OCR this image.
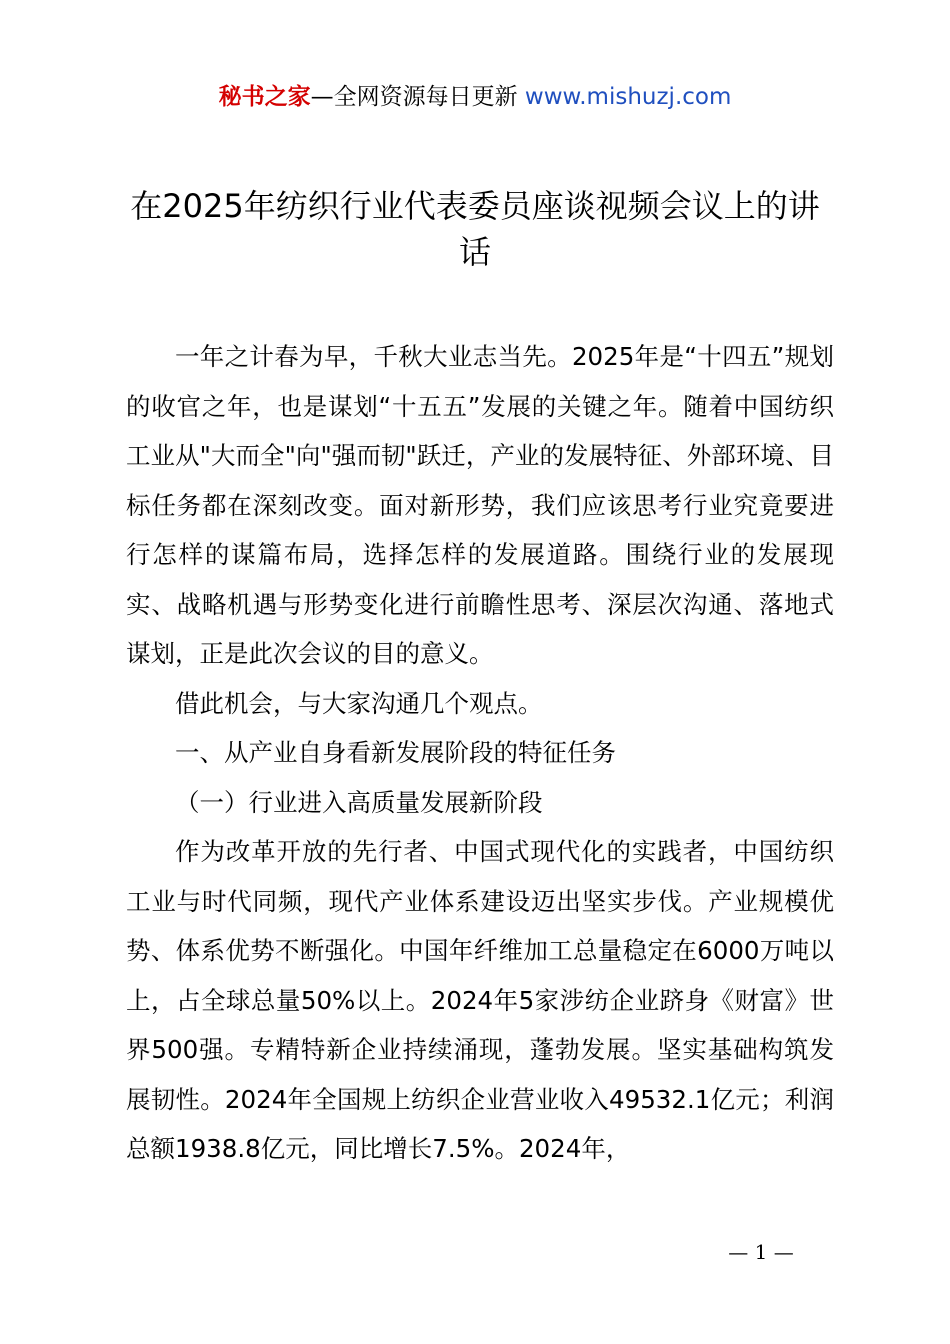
秘书之家—全网资源每日更新 www.mishuzj.com
在2025年纺织行业代表委员座谈视频会议上的讲话

一年之计春为早，千秋大业志当先。2025年是“十四五”规划的收官之年，也是谋划“十五五”发展的关键之年。随着中国纺织工业从"大而全"向"强而韧"跃迁，产业的发展特征、外部环境、目标任务都在深刻改变。面对新形势，我们应该思考行业究竟要进行怎样的谋篇布局，选择怎样的发展道路。围绕行业的发展现实、战略机遇与形势变化进行前瞻性思考、深层次沟通、落地式谋划，正是此次会议的目的意义。

借此机会，与大家沟通几个观点。

一、从产业自身看新发展阶段的特征任务

（一）行业进入高质量发展新阶段

作为改革开放的先行者、中国式现代化的实践者，中国纺织工业与时代同频，现代产业体系建设迈出坚实步伐。产业规模优势、体系优势不断强化。中国年纤维加工总量稳定在6000万吨以上，占全球总量50%以上。2024年5家涉纺企业跻身《财富》世界500强。专精特新企业持续涌现，蓬勃发展。坚实基础构筑发展韧性。2024年全国规上纺织企业营业收入49532.1亿元；利润总额1938.8亿元，同比增长7.5%。2024年，

— 1 —
